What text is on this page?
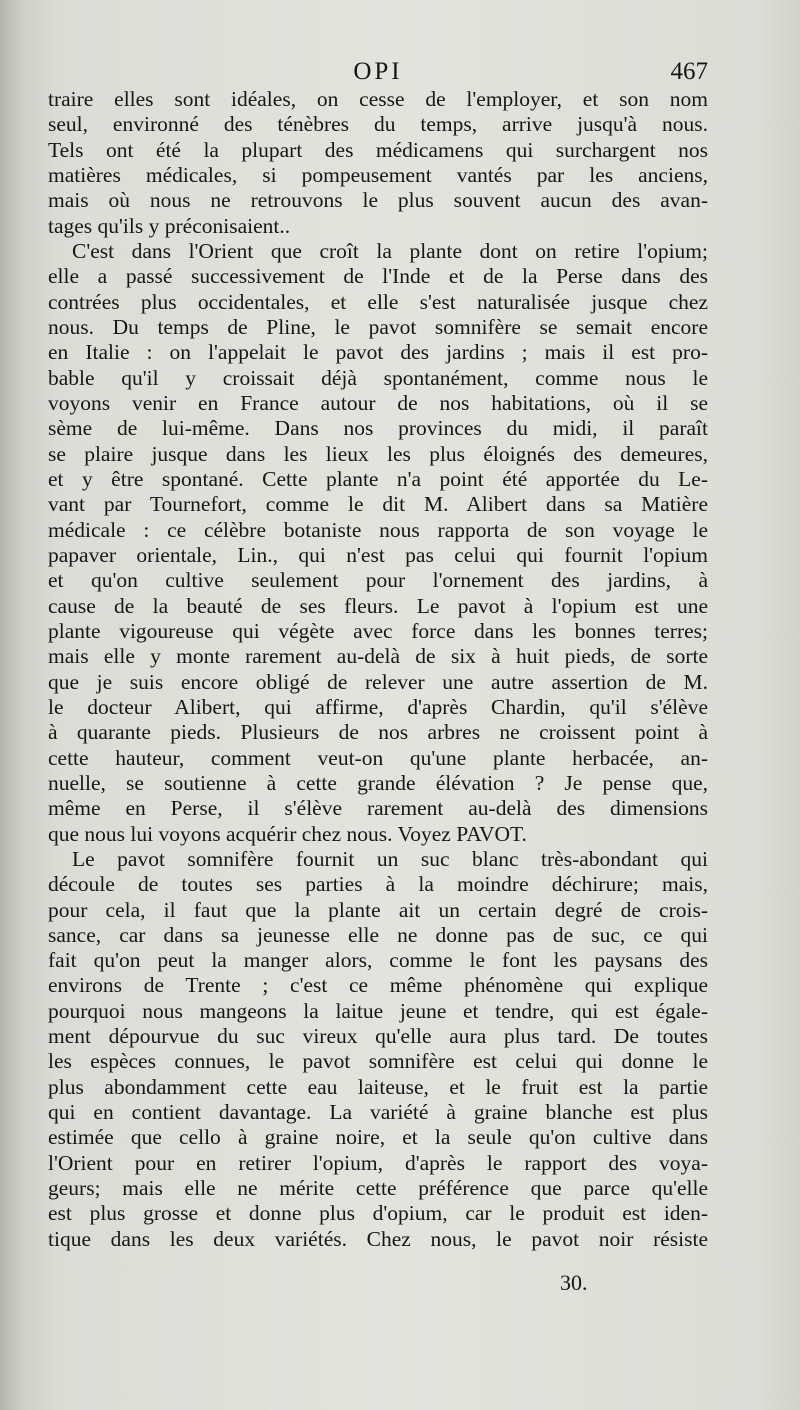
OPI	467
traire elles sont idéales, on cesse de l'employer, et son nom
seul, environné des ténèbres du temps, arrive jusqu'à nous.
Tels ont été la plupart des médicamens qui surchargent nos
matières médicales, si pompeusement vantés par les anciens,
mais où nous ne retrouvons le plus souvent aucun des avan-
tages qu'ils y préconisaient..
C'est dans l'Orient que croît la plante dont on retire l'opium;
elle a passé successivement de l'Inde et de la Perse dans des
contrées plus occidentales, et elle s'est naturalisée jusque chez
nous. Du temps de Pline, le pavot somnifère se semait encore
en Italie : on l'appelait le pavot des jardins ; mais il est pro-
bable qu'il y croissait déjà spontanément, comme nous le
voyons venir en France autour de nos habitations, où il se
sème de lui-même. Dans nos provinces du midi, il paraît
se plaire jusque dans les lieux les plus éloignés des demeures,
et y être spontané. Cette plante n'a point été apportée du Le-
vant par Tournefort, comme le dit M. Alibert dans sa Matière
médicale : ce célèbre botaniste nous rapporta de son voyage le
papaver orientale, Lin., qui n'est pas celui qui fournit l'opium
et qu'on cultive seulement pour l'ornement des jardins, à
cause de la beauté de ses fleurs. Le pavot à l'opium est une
plante vigoureuse qui végète avec force dans les bonnes terres;
mais elle y monte rarement au-delà de six à huit pieds, de sorte
que je suis encore obligé de relever une autre assertion de M.
le docteur Alibert, qui affirme, d'après Chardin, qu'il s'élève
à quarante pieds. Plusieurs de nos arbres ne croissent point à
cette hauteur, comment veut-on qu'une plante herbacée, an-
nuelle, se soutienne à cette grande élévation ? Je pense que,
même en Perse, il s'élève rarement au-delà des dimensions
que nous lui voyons acquérir chez nous. Voyez PAVOT.
Le pavot somnifère fournit un suc blanc très-abondant qui
découle de toutes ses parties à la moindre déchirure; mais,
pour cela, il faut que la plante ait un certain degré de crois-
sance, car dans sa jeunesse elle ne donne pas de suc, ce qui
fait qu'on peut la manger alors, comme le font les paysans des
environs de Trente ; c'est ce même phénomène qui explique
pourquoi nous mangeons la laitue jeune et tendre, qui est égale-
ment dépourvue du suc vireux qu'elle aura plus tard. De toutes
les espèces connues, le pavot somnifère est celui qui donne le
plus abondamment cette eau laiteuse, et le fruit est la partie
qui en contient davantage. La variété à graine blanche est plus
estimée que cello à graine noire, et la seule qu'on cultive dans
l'Orient pour en retirer l'opium, d'après le rapport des voya-
geurs; mais elle ne mérite cette préférence que parce qu'elle
est plus grosse et donne plus d'opium, car le produit est iden-
tique dans les deux variétés. Chez nous, le pavot noir résiste
30.
